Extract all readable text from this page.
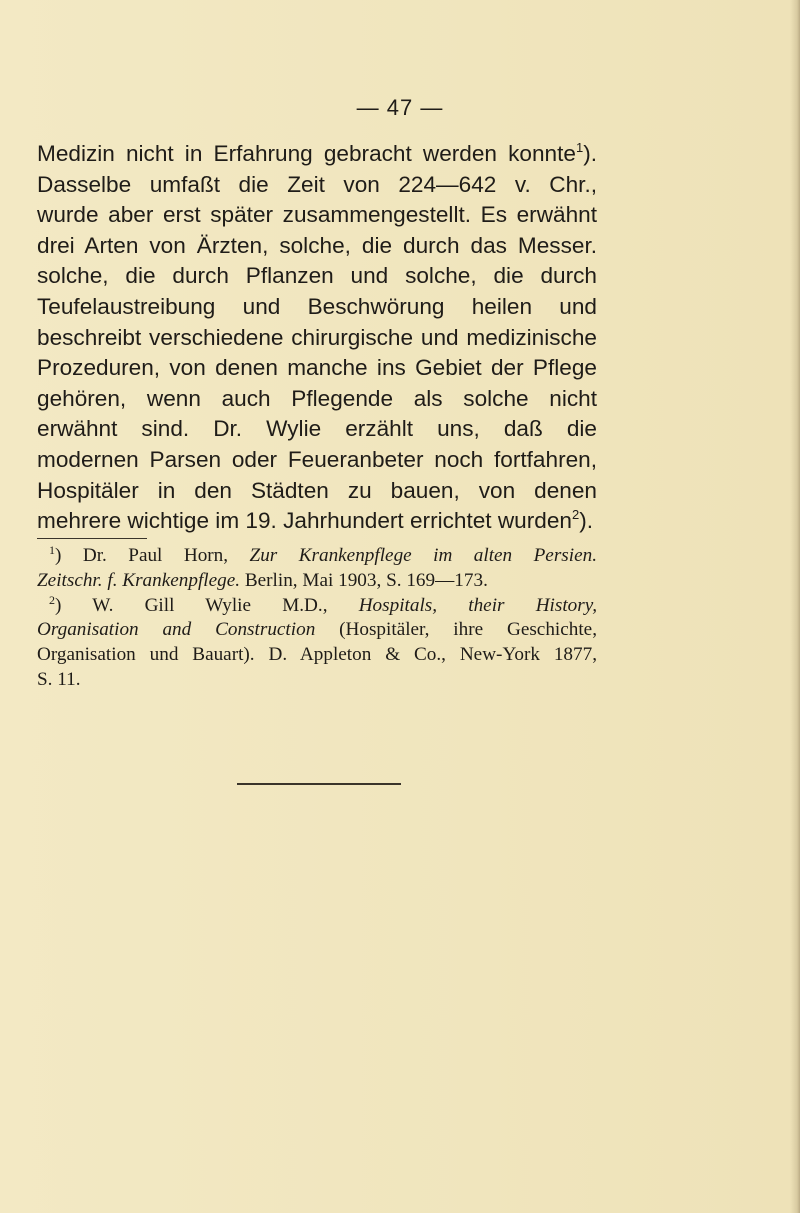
— 47 —

Medizin nicht in Erfahrung gebracht werden konnte$^1$).
Dasselbe umfaßt die Zeit von 224—642 v. Chr.,
wurde aber erst später zusammengestellt. Es erwähnt
drei Arten von Ärzten, solche, die durch das Messer.
solche, die durch Pflanzen und solche, die durch
Teufelaustreibung und Beschwörung heilen und
beschreibt verschiedene chirurgische und medizinische
Prozeduren, von denen manche ins Gebiet der Pflege
gehören, wenn auch Pflegende als solche nicht
erwähnt sind. Dr. Wylie erzählt uns, daß die
modernen Parsen oder Feueranbeter noch fortfahren,
Hospitäler in den Städten zu bauen, von denen
mehrere wichtige im 19. Jahrhundert errichtet wurden$^2$).

$^1$) Dr. Paul Horn, Zur Krankenpflege im alten Persien.
Zeitschr. f. Krankenpflege. Berlin, Mai 1903, S. 169—173.
$^2$) W. Gill Wylie M.D., Hospitals, their History,
Organisation and Construction (Hospitäler, ihre Geschichte,
Organisation und Bauart). D. Appleton & Co., New-York 1877,
S. 11.
